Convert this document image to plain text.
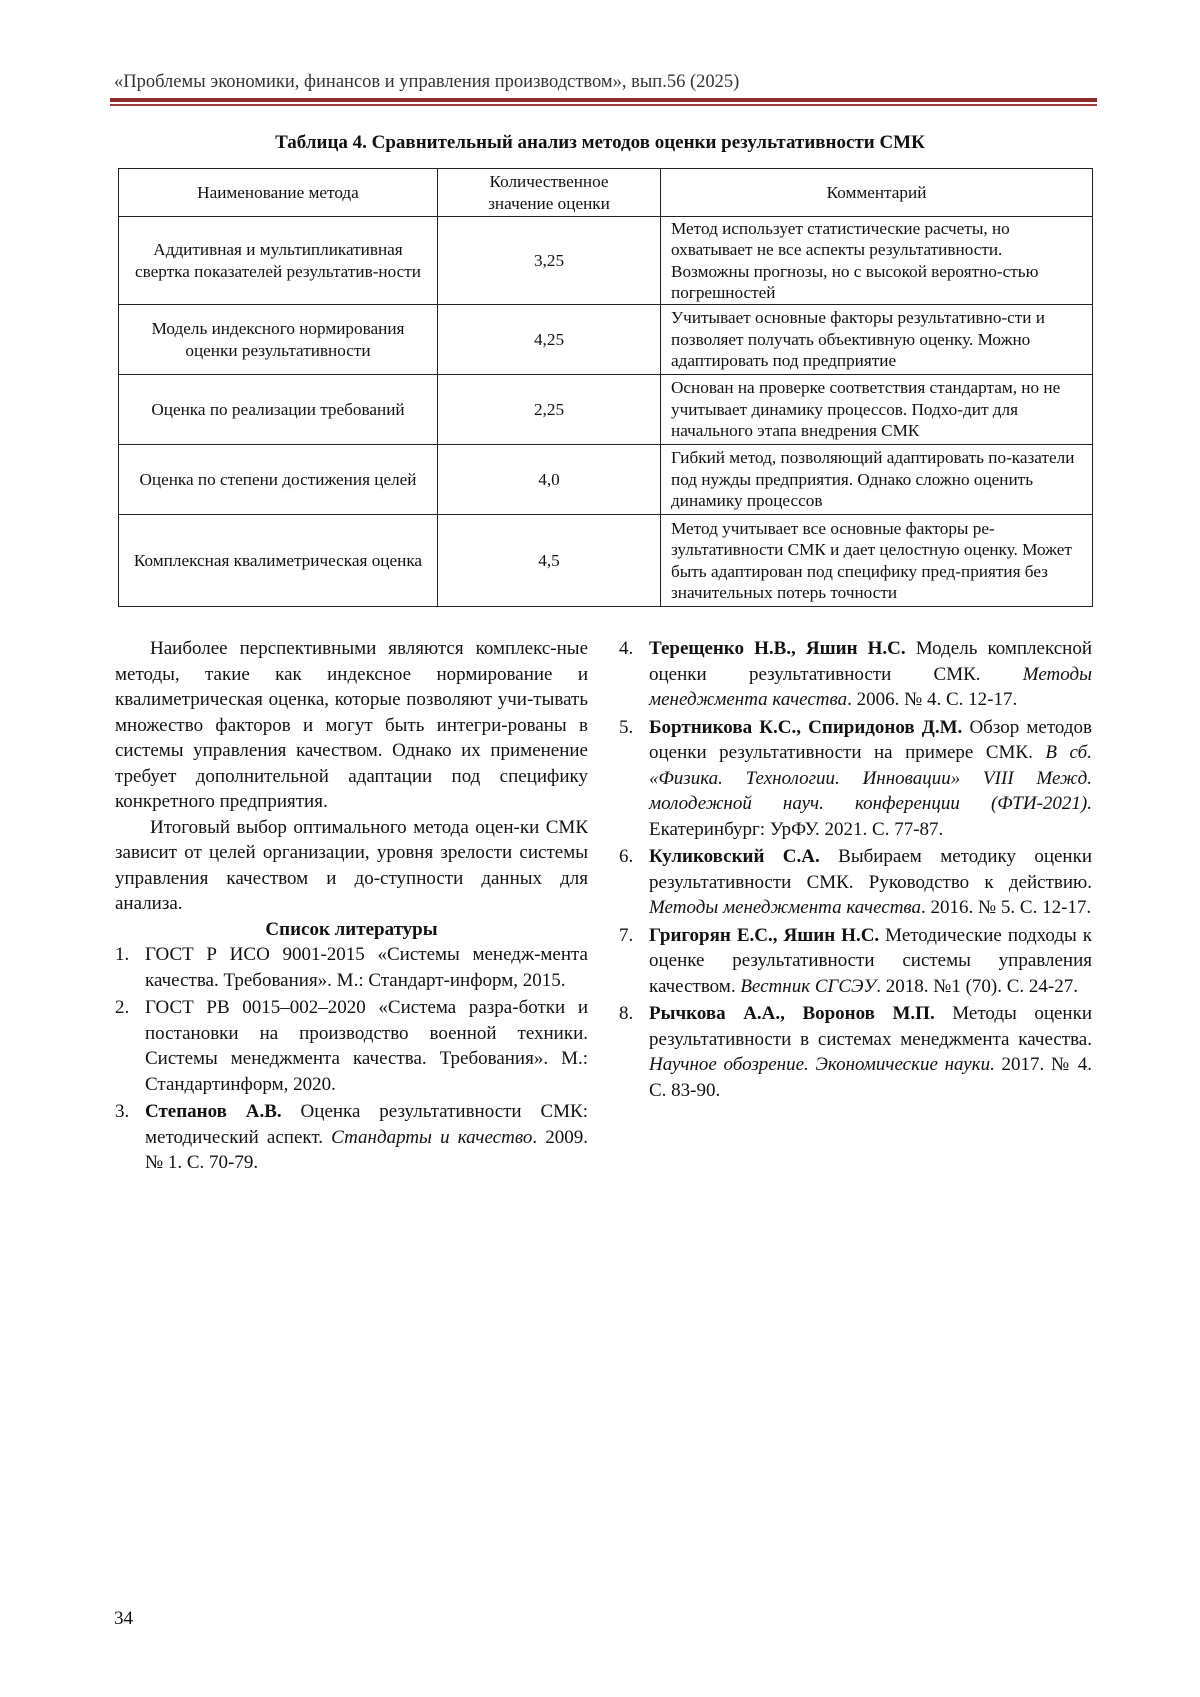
«Проблемы экономики, финансов и управления производством», вып.56 (2025)
Таблица 4. Сравнительный анализ методов оценки результативности СМК
Наименование метода	Количественное значение оценки	Комментарий
Аддитивная и мультипликативная свертка показателей результатив-ности	3,25	Метод использует статистические расчеты, но охватывает не все аспекты результативности. Возможны прогнозы, но с высокой вероятно-стью погрешностей
Модель индексного нормирования оценки результативности	4,25	Учитывает основные факторы результативно-сти и позволяет получать объективную оценку. Можно адаптировать под предприятие
Оценка по реализации требований	2,25	Основан на проверке соответствия стандартам, но не учитывает динамику процессов. Подхо-дит для начального этапа внедрения СМК
Оценка по степени достижения целей	4,0	Гибкий метод, позволяющий адаптировать по-казатели под нужды предприятия. Однако сложно оценить динамику процессов
Комплексная квалиметрическая оценка	4,5	Метод учитывает все основные факторы ре-зультативности СМК и дает целостную оценку. Может быть адаптирован под специфику пред-приятия без значительных потерь точности

Наиболее перспективными являются комплекс-ные методы, такие как индексное нормирование и квалиметрическая оценка, которые позволяют учи-тывать множество факторов и могут быть интегри-рованы в системы управления качеством. Однако их применение требует дополнительной адаптации под специфику конкретного предприятия.

Итоговый выбор оптимального метода оцен-ки СМК зависит от целей организации, уровня зрелости системы управления качеством и до-ступности данных для анализа.

Список литературы

1. ГОСТ Р ИСО 9001-2015 «Системы менедж-мента качества. Требования». М.: Стандарт-информ, 2015.

2. ГОСТ РВ 0015–002–2020 «Система разра-ботки и постановки на производство военной техники. Системы менеджмента качества. Требования». М.: Стандартинформ, 2020.

3. Степанов А.В. Оценка результативности СМК: методический аспект. Стандарты и качество. 2009. № 1. С. 70-79.

4. Терещенко Н.В., Яшин Н.С. Модель комплексной оценки результативности СМК. Методы менеджмента качества. 2006. № 4. С. 12-17.

5. Бортникова К.С., Спиридонов Д.М. Обзор методов оценки результативности на примере СМК. В сб. «Физика. Технологии. Инновации» VIII Межд. молодежной науч. конференции (ФТИ-2021). Екатеринбург: УрФУ. 2021. С. 77-87.

6. Куликовский С.А. Выбираем методику оценки результативности СМК. Руководство к действию. Методы менеджмента качества. 2016. № 5. С. 12-17.

7. Григорян Е.С., Яшин Н.С. Методические подходы к оценке результативности системы управления качеством. Вестник СГСЭУ. 2018. №1 (70). С. 24-27.

8. Рычкова А.А., Воронов М.П. Методы оценки результативности в системах менеджмента качества. Научное обозрение. Экономические науки. 2017. № 4. С. 83-90.

34
